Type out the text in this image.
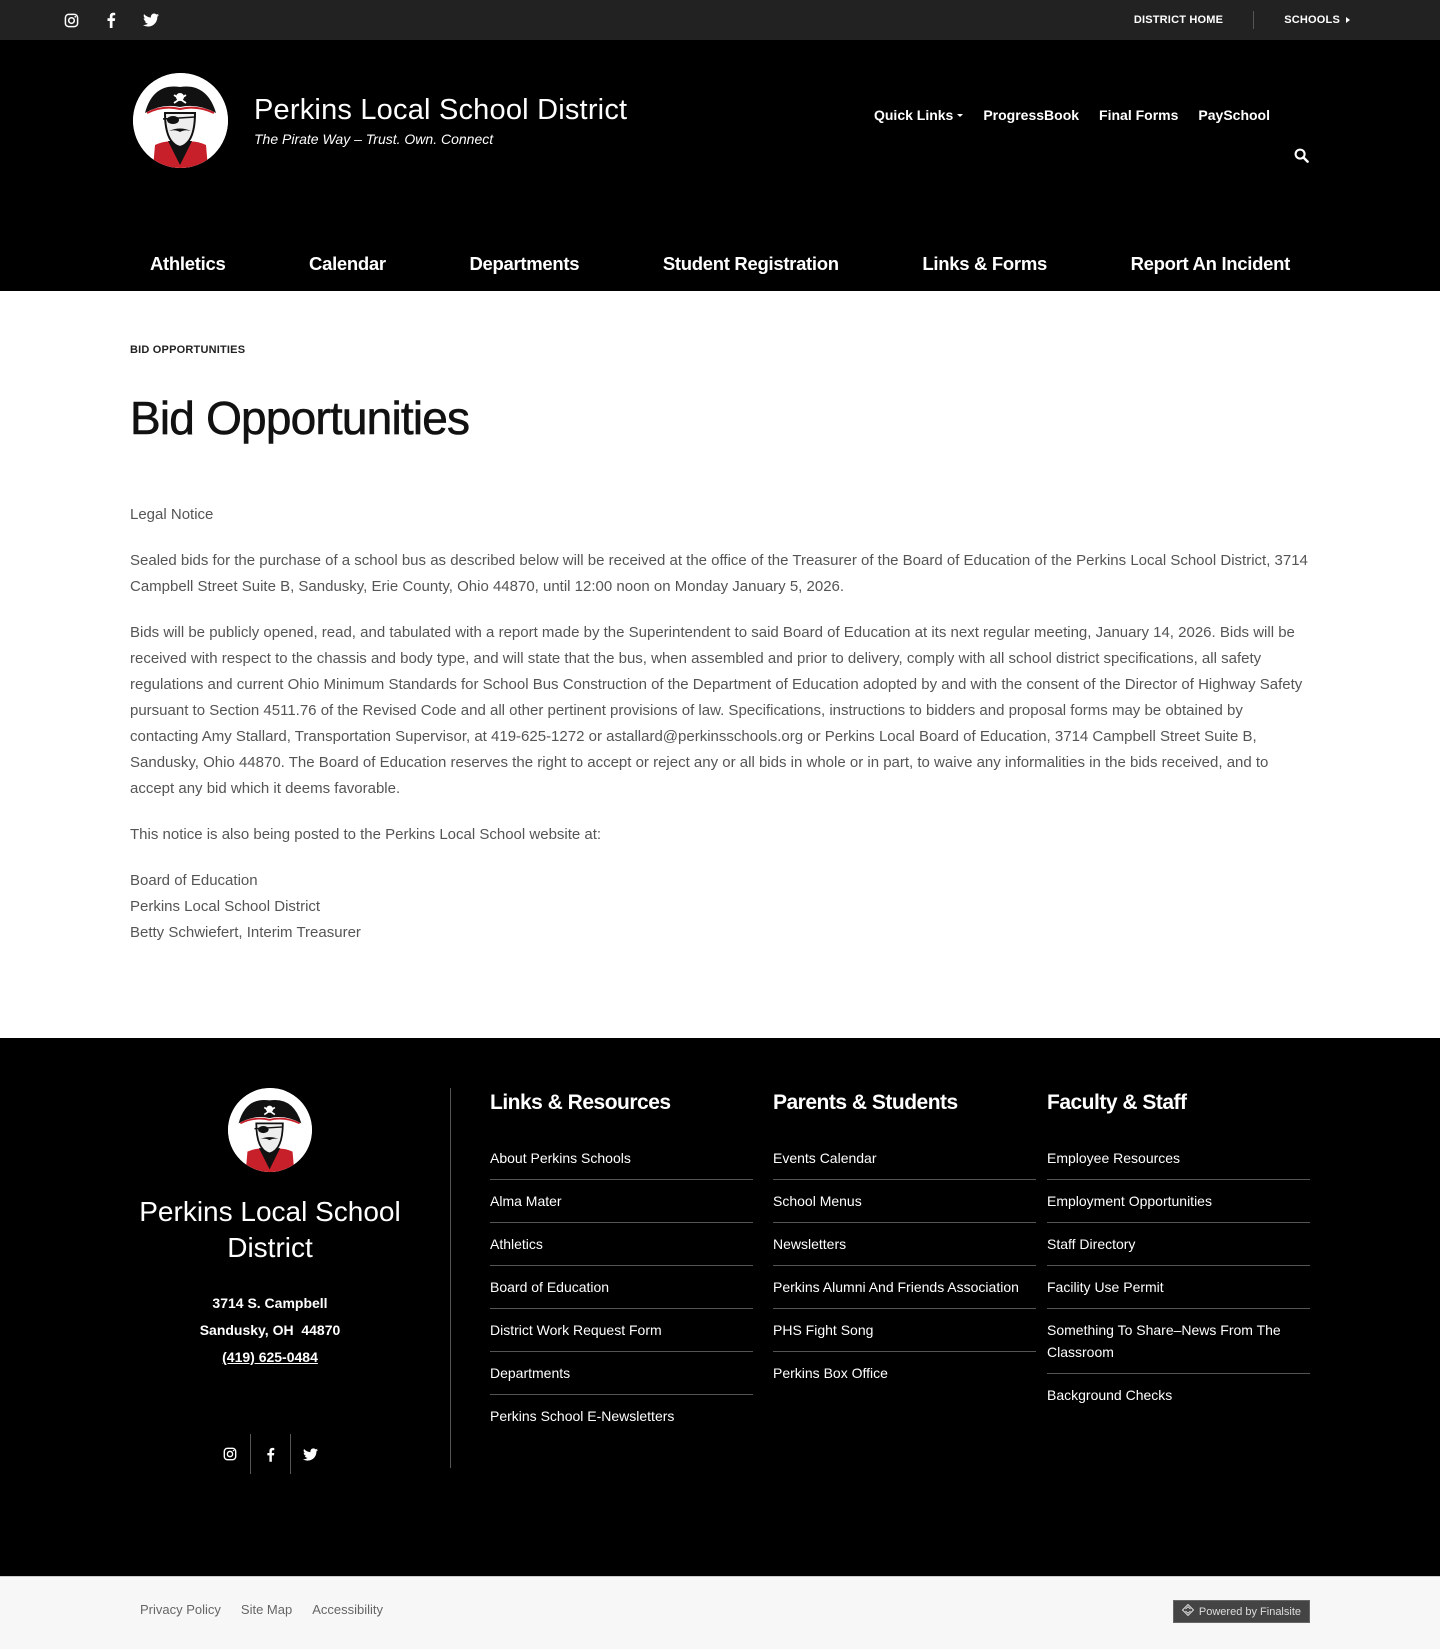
DISTRICT HOME	SCHOOLS
Perkins Local School District
The Pirate Way – Trust. Own. Connect
Quick Links ProgressBook Final Forms PaySchool
Athletics	Calendar	Departments	Student Registration	Links & Forms	Report An Incident
BID OPPORTUNITIES
Bid Opportunities

Legal Notice

Sealed bids for the purchase of a school bus as described below will be received at the office of the Treasurer of the Board of Education of the Perkins Local School District, 3714 Campbell Street Suite B, Sandusky, Erie County, Ohio 44870, until 12:00 noon on Monday January 5, 2026.

Bids will be publicly opened, read, and tabulated with a report made by the Superintendent to said Board of Education at its next regular meeting, January 14, 2026. Bids will be received with respect to the chassis and body type, and will state that the bus, when assembled and prior to delivery, comply with all school district specifications, all safety regulations and current Ohio Minimum Standards for School Bus Construction of the Department of Education adopted by and with the consent of the Director of Highway Safety pursuant to Section 4511.76 of the Revised Code and all other pertinent provisions of law. Specifications, instructions to bidders and proposal forms may be obtained by contacting Amy Stallard, Transportation Supervisor, at 419-625-1272 or astallard@perkinsschools.org or Perkins Local Board of Education, 3714 Campbell Street Suite B, Sandusky, Ohio 44870. The Board of Education reserves the right to accept or reject any or all bids in whole or in part, to waive any informalities in the bids received, and to accept any bid which it deems favorable.

This notice is also being posted to the Perkins Local School website at:

Board of Education

Perkins Local School District

Betty Schwiefert, Interim Treasurer

Perkins Local School District
3714 S. Campbell
Sandusky, OH  44870
(419) 625-0484
Links & Resources
About Perkins Schools
Alma Mater
Athletics
Board of Education
District Work Request Form
Departments
Perkins School E-Newsletters
Parents & Students
Events Calendar
School Menus
Newsletters
Perkins Alumni And Friends Association
PHS Fight Song
Perkins Box Office
Faculty & Staff
Employee Resources
Employment Opportunities
Staff Directory
Facility Use Permit
Something To Share–News From The Classroom
Background Checks
Privacy Policy Site Map Accessibility	Powered by Finalsite
